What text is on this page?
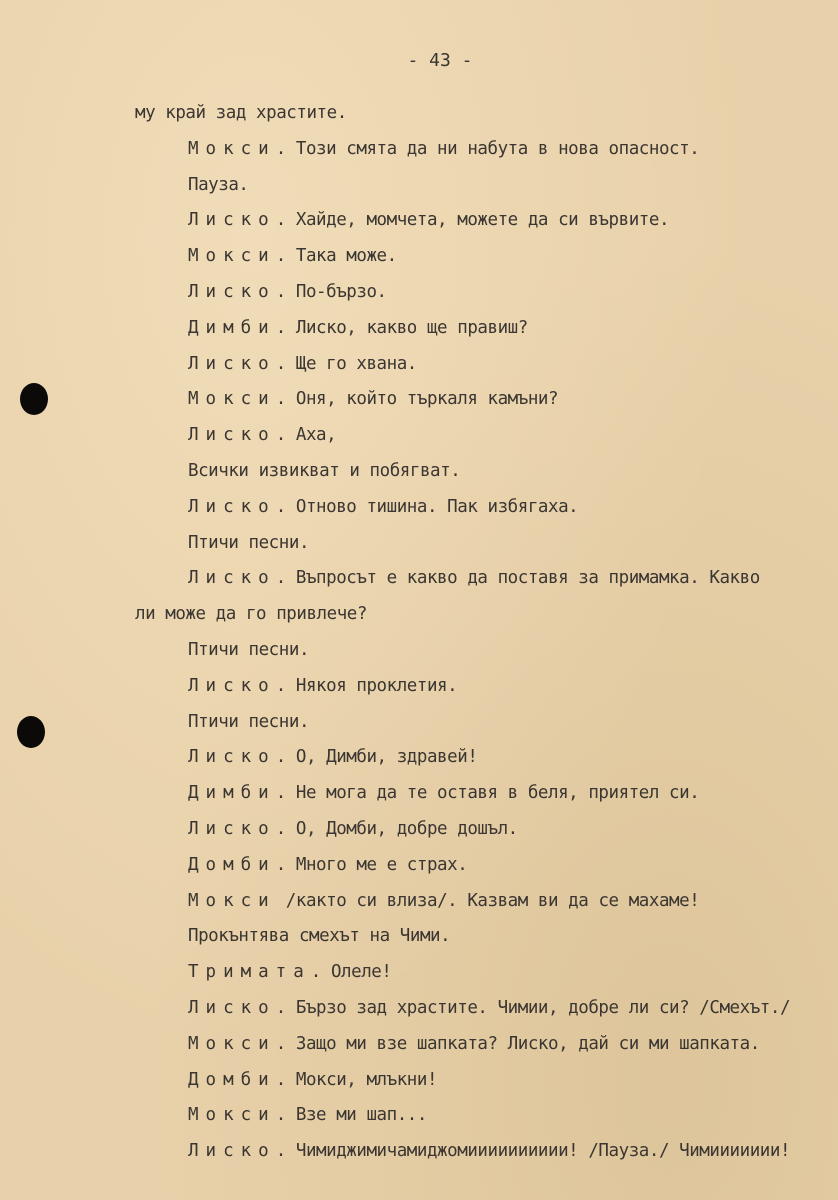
- 43 -
му край зад храстите.
Мокси. Този смята да ни набута в нова опасност.
Пауза.
Лиско. Хайде, момчета, можете да си вървите.
Мокси. Така може.
Лиско. По-бързо.
Димби. Лиско, какво ще правиш?
Лиско. Ще го хвана.
Мокси. Оня, който търкаля камъни?
Лиско. Аха,
Всички извикват и побягват.
Лиско. Отново тишина. Пак избягаха.
Птичи песни.
Лиско. Въпросът е какво да поставя за примамка. Какво
ли може да го привлече?
Птичи песни.
Лиско. Някоя проклетия.
Птичи песни.
Лиско. О, Димби, здравей!
Димби. Не мога да те оставя в беля, приятел си.
Лиско. О, Домби, добре дошъл.
Домби. Много ме е страх.
Мокси /както си влиза/. Казвам ви да се махаме!
Прокънтява смехът на Чими.
Тримата. Олеле!
Лиско. Бързо зад храстите. Чимии, добре ли си? /Смехът./
Мокси. Защо ми взе шапката? Лиско, дай си ми шапката.
Домби. Мокси, млъкни!
Мокси. Взе ми шап...
Лиско. Чимиджимичамиджомииииииииии! /Пауза./ Чимиииииии!
